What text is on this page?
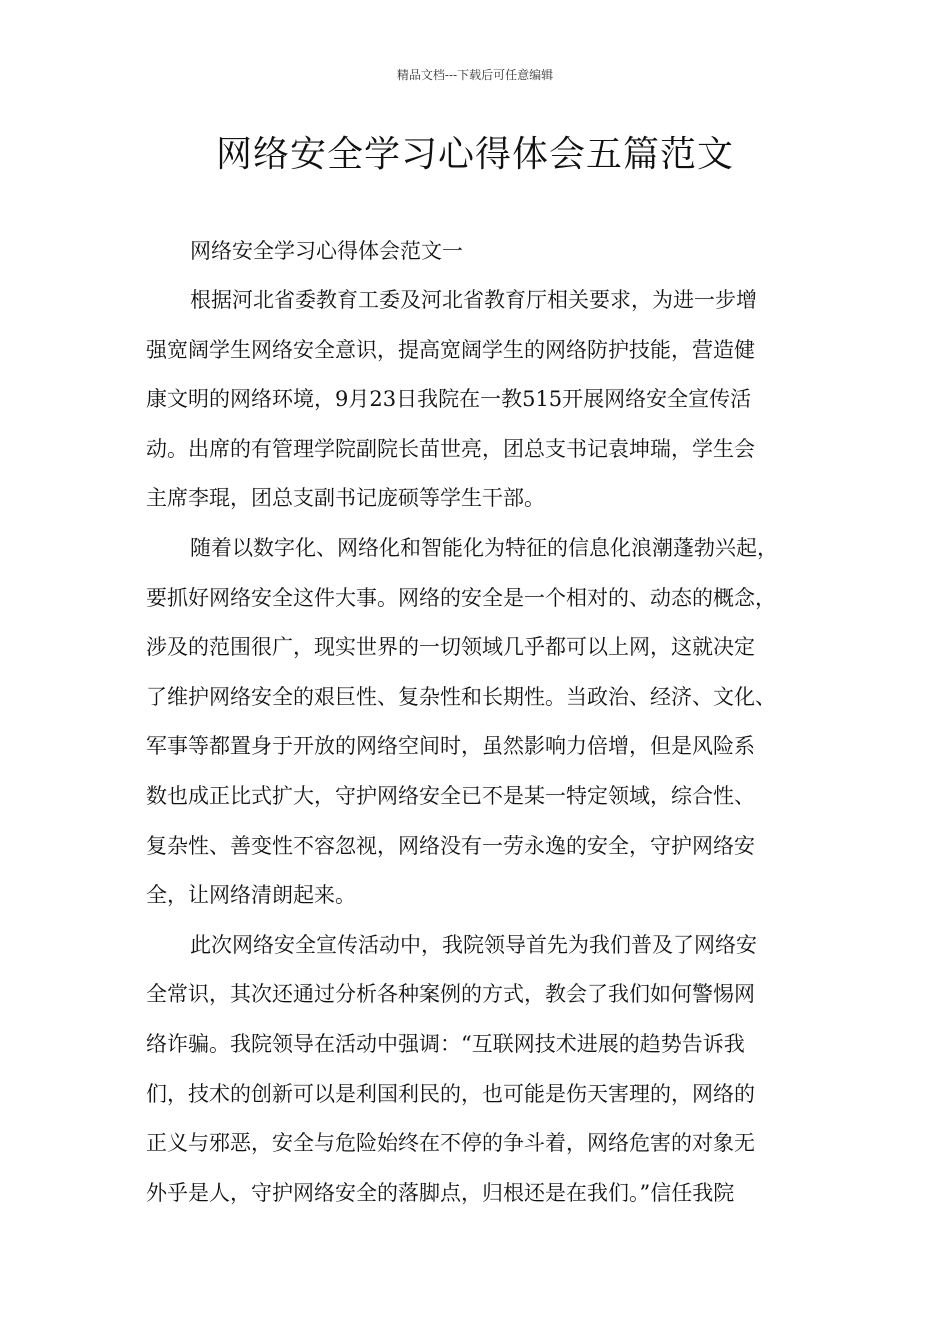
精品文档---下载后可任意编辑
网络安全学习心得体会五篇范文

网络安全学习心得体会范文一

根据河北省委教育工委及河北省教育厅相关要求，为进一步增
强宽阔学生网络安全意识，提高宽阔学生的网络防护技能，营造健
康文明的网络环境，9月23日我院在一教515开展网络安全宣传活
动。出席的有管理学院副院长苗世亮，团总支书记袁坤瑞，学生会
主席李琨，团总支副书记庞硕等学生干部。

随着以数字化、网络化和智能化为特征的信息化浪潮蓬勃兴起，
要抓好网络安全这件大事。网络的安全是一个相对的、动态的概念，
涉及的范围很广，现实世界的一切领域几乎都可以上网，这就决定
了维护网络安全的艰巨性、复杂性和长期性。当政治、经济、文化、
军事等都置身于开放的网络空间时，虽然影响力倍增，但是风险系
数也成正比式扩大，守护网络安全已不是某一特定领域，综合性、
复杂性、善变性不容忽视，网络没有一劳永逸的安全，守护网络安
全，让网络清朗起来。

此次网络安全宣传活动中，我院领导首先为我们普及了网络安
全常识，其次还通过分析各种案例的方式，教会了我们如何警惕网
络诈骗。我院领导在活动中强调：“互联网技术进展的趋势告诉我
们，技术的创新可以是利国利民的，也可能是伤天害理的，网络的
正义与邪恶，安全与危险始终在不停的争斗着，网络危害的对象无
外乎是人，守护网络安全的落脚点，归根还是在我们。”信任我院
